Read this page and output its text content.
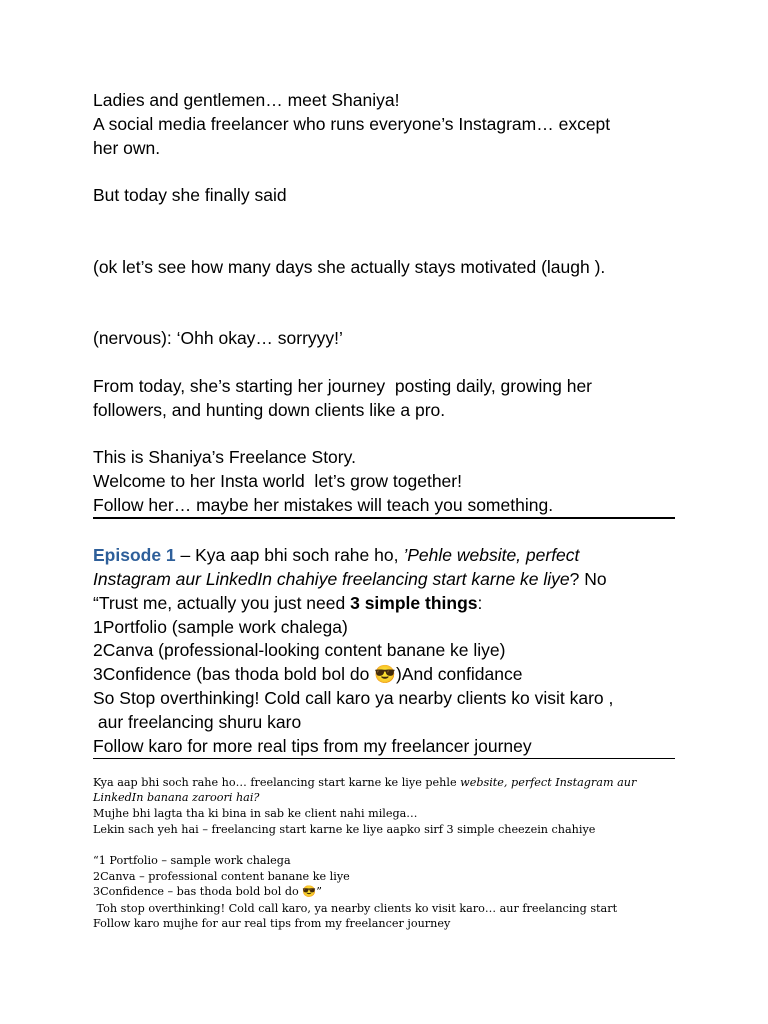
Ladies and gentlemen… meet Shaniya!
A social media freelancer who runs everyone’s Instagram… except
her own.
But today she finally said
(ok let’s see how many days she actually stays motivated (laugh ).
(nervous): ‘Ohh okay… sorryyy!’
From today, she’s starting her journey  posting daily, growing her
followers, and hunting down clients like a pro.
This is Shaniya’s Freelance Story.
Welcome to her Insta world  let’s grow together!
Follow her… maybe her mistakes will teach you something.
Episode 1 – Kya aap bhi soch rahe ho, ’Pehle website, perfect
Instagram aur LinkedIn chahiye freelancing start karne ke liye? No
“Trust me, actually you just need 3 simple things:
1Portfolio (sample work chalega)
2Canva (professional-looking content banane ke liye)
3Confidence (bas thoda bold bol do 😎)And confidance
So Stop overthinking! Cold call karo ya nearby clients ko visit karo ,
aur freelancing shuru karo
Follow karo for more real tips from my freelancer journey
Kya aap bhi soch rahe ho… freelancing start karne ke liye pehle website, perfect Instagram aur
LinkedIn banana zaroori hai?
Mujhe bhi lagta tha ki bina in sab ke client nahi milega…
Lekin sach yeh hai – freelancing start karne ke liye aapko sirf 3 simple cheezein chahiye
“1 Portfolio – sample work chalega
2Canva – professional content banane ke liye
3Confidence – bas thoda bold bol do 😎”
Toh stop overthinking! Cold call karo, ya nearby clients ko visit karo… aur freelancing start
Follow karo mujhe for aur real tips from my freelancer journey
